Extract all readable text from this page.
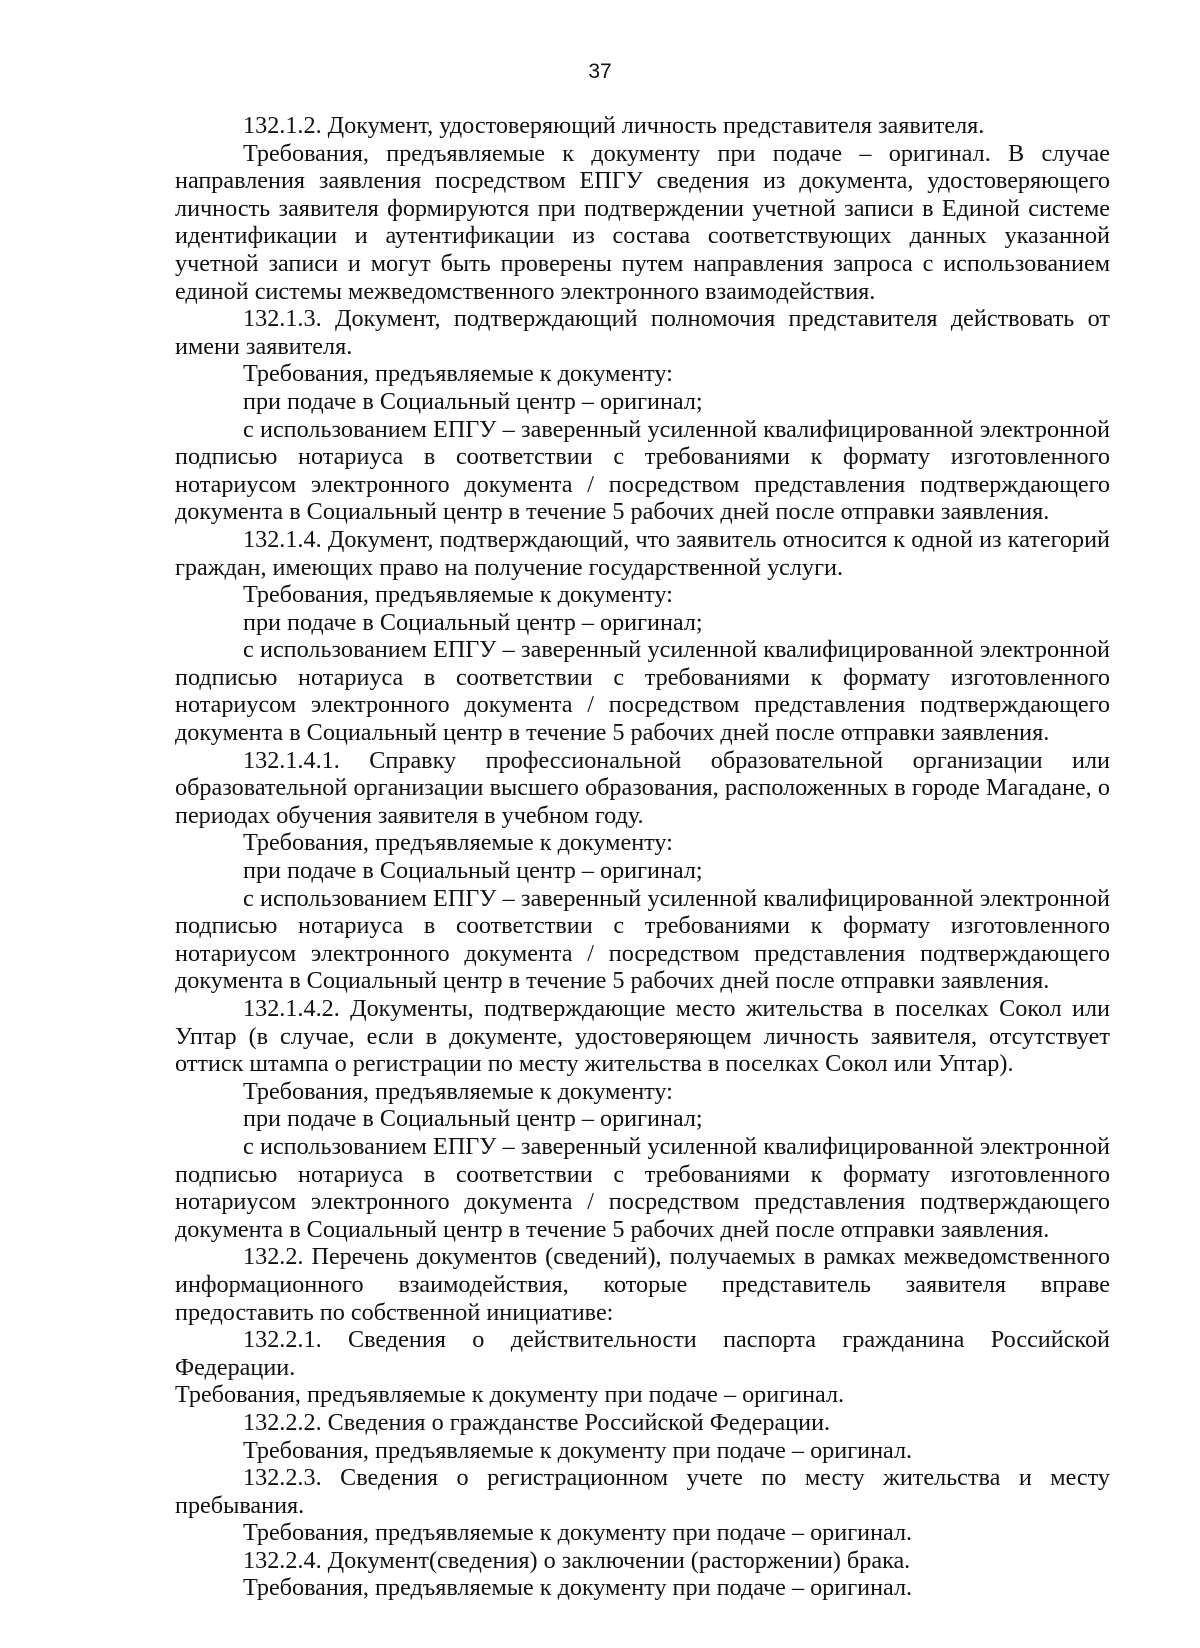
37

132.1.2. Документ, удостоверяющий личность представителя заявителя.

Требования, предъявляемые к документу при подаче – оригинал. В случае направления заявления посредством ЕПГУ сведения из документа, удостоверяющего личность заявителя формируются при подтверждении учетной записи в Единой системе идентификации и аутентификации из состава соответствующих данных указанной учетной записи и могут быть проверены путем направления запроса с использованием единой системы межведомственного электронного взаимодействия.

132.1.3. Документ, подтверждающий полномочия представителя действовать от имени заявителя.

Требования, предъявляемые к документу:

при подаче в Социальный центр – оригинал;

с использованием ЕПГУ – заверенный усиленной квалифицированной электронной подписью нотариуса в соответствии с требованиями к формату изготовленного нотариусом электронного документа / посредством представления подтверждающего документа в Социальный центр в течение 5 рабочих дней после отправки заявления.

132.1.4. Документ, подтверждающий, что заявитель относится к одной из категорий граждан, имеющих право на получение государственной услуги.

Требования, предъявляемые к документу:

при подаче в Социальный центр – оригинал;

с использованием ЕПГУ – заверенный усиленной квалифицированной электронной подписью нотариуса в соответствии с требованиями к формату изготовленного нотариусом электронного документа / посредством представления подтверждающего документа в Социальный центр в течение 5 рабочих дней после отправки заявления.

132.1.4.1. Справку профессиональной образовательной организации или образовательной организации высшего образования, расположенных в городе Магадане, о периодах обучения заявителя в учебном году.

Требования, предъявляемые к документу:

при подаче в Социальный центр – оригинал;

с использованием ЕПГУ – заверенный усиленной квалифицированной электронной подписью нотариуса в соответствии с требованиями к формату изготовленного нотариусом электронного документа / посредством представления подтверждающего документа в Социальный центр в течение 5 рабочих дней после отправки заявления.

132.1.4.2. Документы, подтверждающие место жительства в поселках Сокол или Уптар (в случае, если в документе, удостоверяющем личность заявителя, отсутствует оттиск штампа о регистрации по месту жительства в поселках Сокол или Уптар).

Требования, предъявляемые к документу:

при подаче в Социальный центр – оригинал;

с использованием ЕПГУ – заверенный усиленной квалифицированной электронной подписью нотариуса в соответствии с требованиями к формату изготовленного нотариусом электронного документа / посредством представления подтверждающего документа в Социальный центр в течение 5 рабочих дней после отправки заявления.

132.2. Перечень документов (сведений), получаемых в рамках межведомственного информационного взаимодействия, которые представитель заявителя вправе предоставить по собственной инициативе:

132.2.1. Сведения о действительности паспорта гражданина Российской Федерации.

Требования, предъявляемые к документу при подаче – оригинал.

132.2.2. Сведения о гражданстве Российской Федерации.

Требования, предъявляемые к документу при подаче – оригинал.

132.2.3. Сведения о регистрационном учете по месту жительства и месту пребывания.

Требования, предъявляемые к документу при подаче – оригинал.

132.2.4. Документ(сведения) о заключении (расторжении) брака.

Требования, предъявляемые к документу при подаче – оригинал.
